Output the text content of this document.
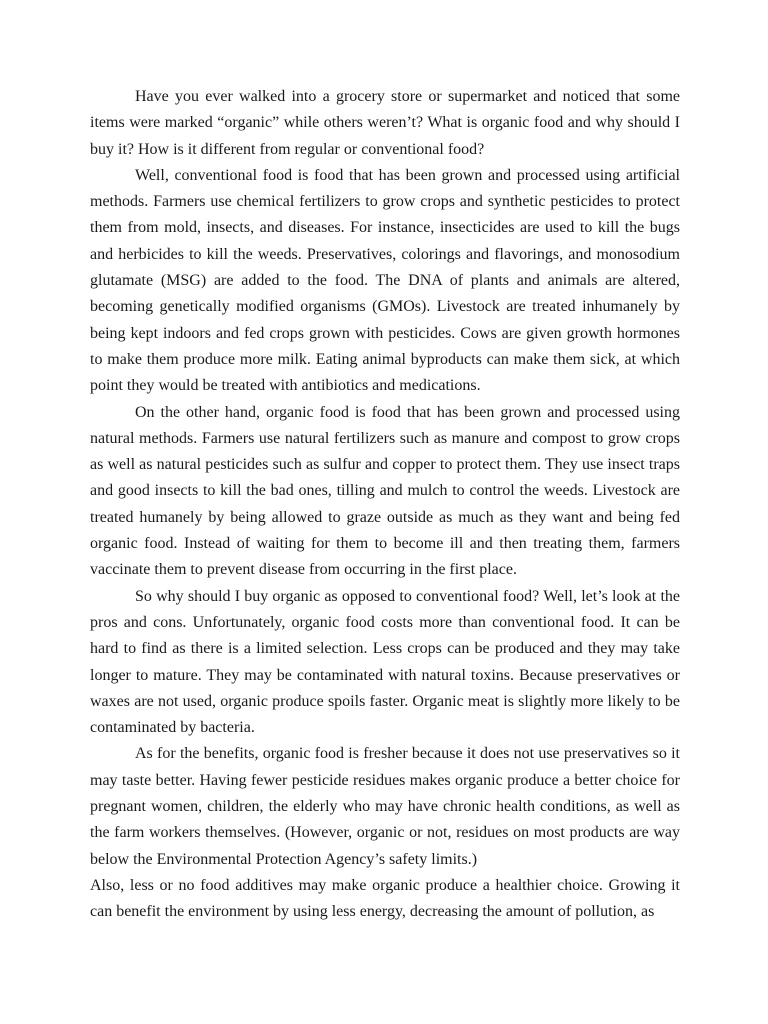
Have you ever walked into a grocery store or supermarket and noticed that some items were marked “organic” while others weren’t? What is organic food and why should I buy it? How is it different from regular or conventional food?

Well, conventional food is food that has been grown and processed using artificial methods. Farmers use chemical fertilizers to grow crops and synthetic pesticides to protect them from mold, insects, and diseases. For instance, insecticides are used to kill the bugs and herbicides to kill the weeds. Preservatives, colorings and flavorings, and monosodium glutamate (MSG) are added to the food. The DNA of plants and animals are altered, becoming genetically modified organisms (GMOs). Livestock are treated inhumanely by being kept indoors and fed crops grown with pesticides. Cows are given growth hormones to make them produce more milk. Eating animal byproducts can make them sick, at which point they would be treated with antibiotics and medications.

On the other hand, organic food is food that has been grown and processed using natural methods. Farmers use natural fertilizers such as manure and compost to grow crops as well as natural pesticides such as sulfur and copper to protect them. They use insect traps and good insects to kill the bad ones, tilling and mulch to control the weeds. Livestock are treated humanely by being allowed to graze outside as much as they want and being fed organic food. Instead of waiting for them to become ill and then treating them, farmers vaccinate them to prevent disease from occurring in the first place.

So why should I buy organic as opposed to conventional food? Well, let’s look at the pros and cons. Unfortunately, organic food costs more than conventional food. It can be hard to find as there is a limited selection. Less crops can be produced and they may take longer to mature. They may be contaminated with natural toxins. Because preservatives or waxes are not used, organic produce spoils faster. Organic meat is slightly more likely to be contaminated by bacteria.

As for the benefits, organic food is fresher because it does not use preservatives so it may taste better. Having fewer pesticide residues makes organic produce a better choice for pregnant women, children, the elderly who may have chronic health conditions, as well as the farm workers themselves. (However, organic or not, residues on most products are way below the Environmental Protection Agency’s safety limits.)

Also, less or no food additives may make organic produce a healthier choice. Growing it can benefit the environment by using less energy, decreasing the amount of pollution, as
